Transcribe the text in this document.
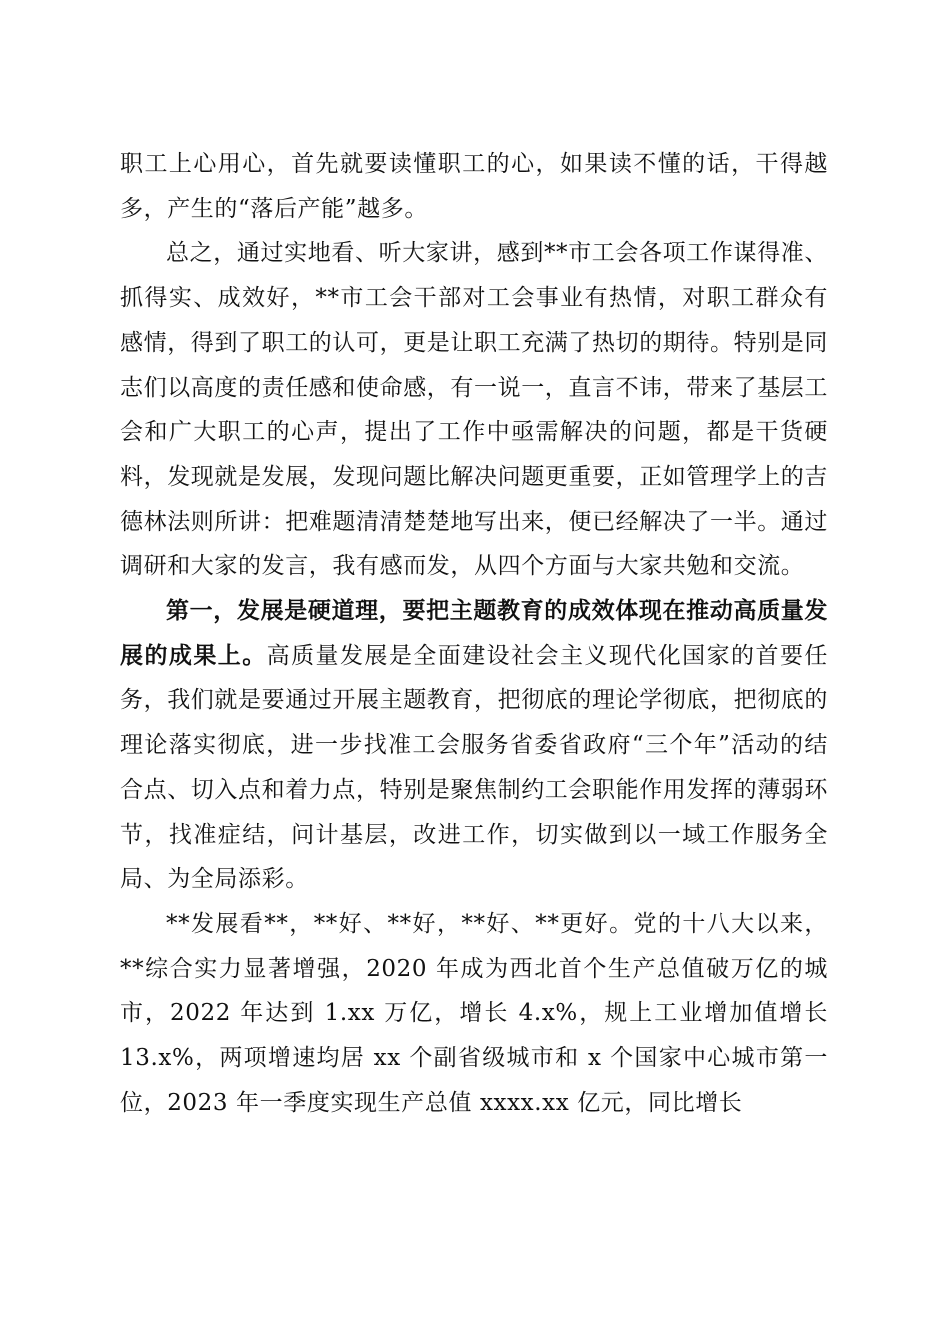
职工上心用心，首先就要读懂职工的心，如果读不懂的话，干得越多，产生的“落后产能”越多。

总之，通过实地看、听大家讲，感到**市工会各项工作谋得准、抓得实、成效好，**市工会干部对工会事业有热情，对职工群众有感情，得到了职工的认可，更是让职工充满了热切的期待。特别是同志们以高度的责任感和使命感，有一说一，直言不讳，带来了基层工会和广大职工的心声，提出了工作中亟需解决的问题，都是干货硬料，发现就是发展，发现问题比解决问题更重要，正如管理学上的吉德林法则所讲：把难题清清楚楚地写出来，便已经解决了一半。通过调研和大家的发言，我有感而发，从四个方面与大家共勉和交流。

第一，发展是硬道理，要把主题教育的成效体现在推动高质量发展的成果上。高质量发展是全面建设社会主义现代化国家的首要任务，我们就是要通过开展主题教育，把彻底的理论学彻底，把彻底的理论落实彻底，进一步找准工会服务省委省政府“三个年”活动的结合点、切入点和着力点，特别是聚焦制约工会职能作用发挥的薄弱环节，找准症结，问计基层，改进工作，切实做到以一域工作服务全局、为全局添彩。

**发展看**，**好、**好，**好、**更好。党的十八大以来，**综合实力显著增强，2020 年成为西北首个生产总值破万亿的城市，2022 年达到 1.xx 万亿，增长 4.x%，规上工业增加值增长 13.x%，两项增速均居 xx 个副省级城市和 x 个国家中心城市第一位，2023 年一季度实现生产总值 xxxx.xx 亿元，同比增长
